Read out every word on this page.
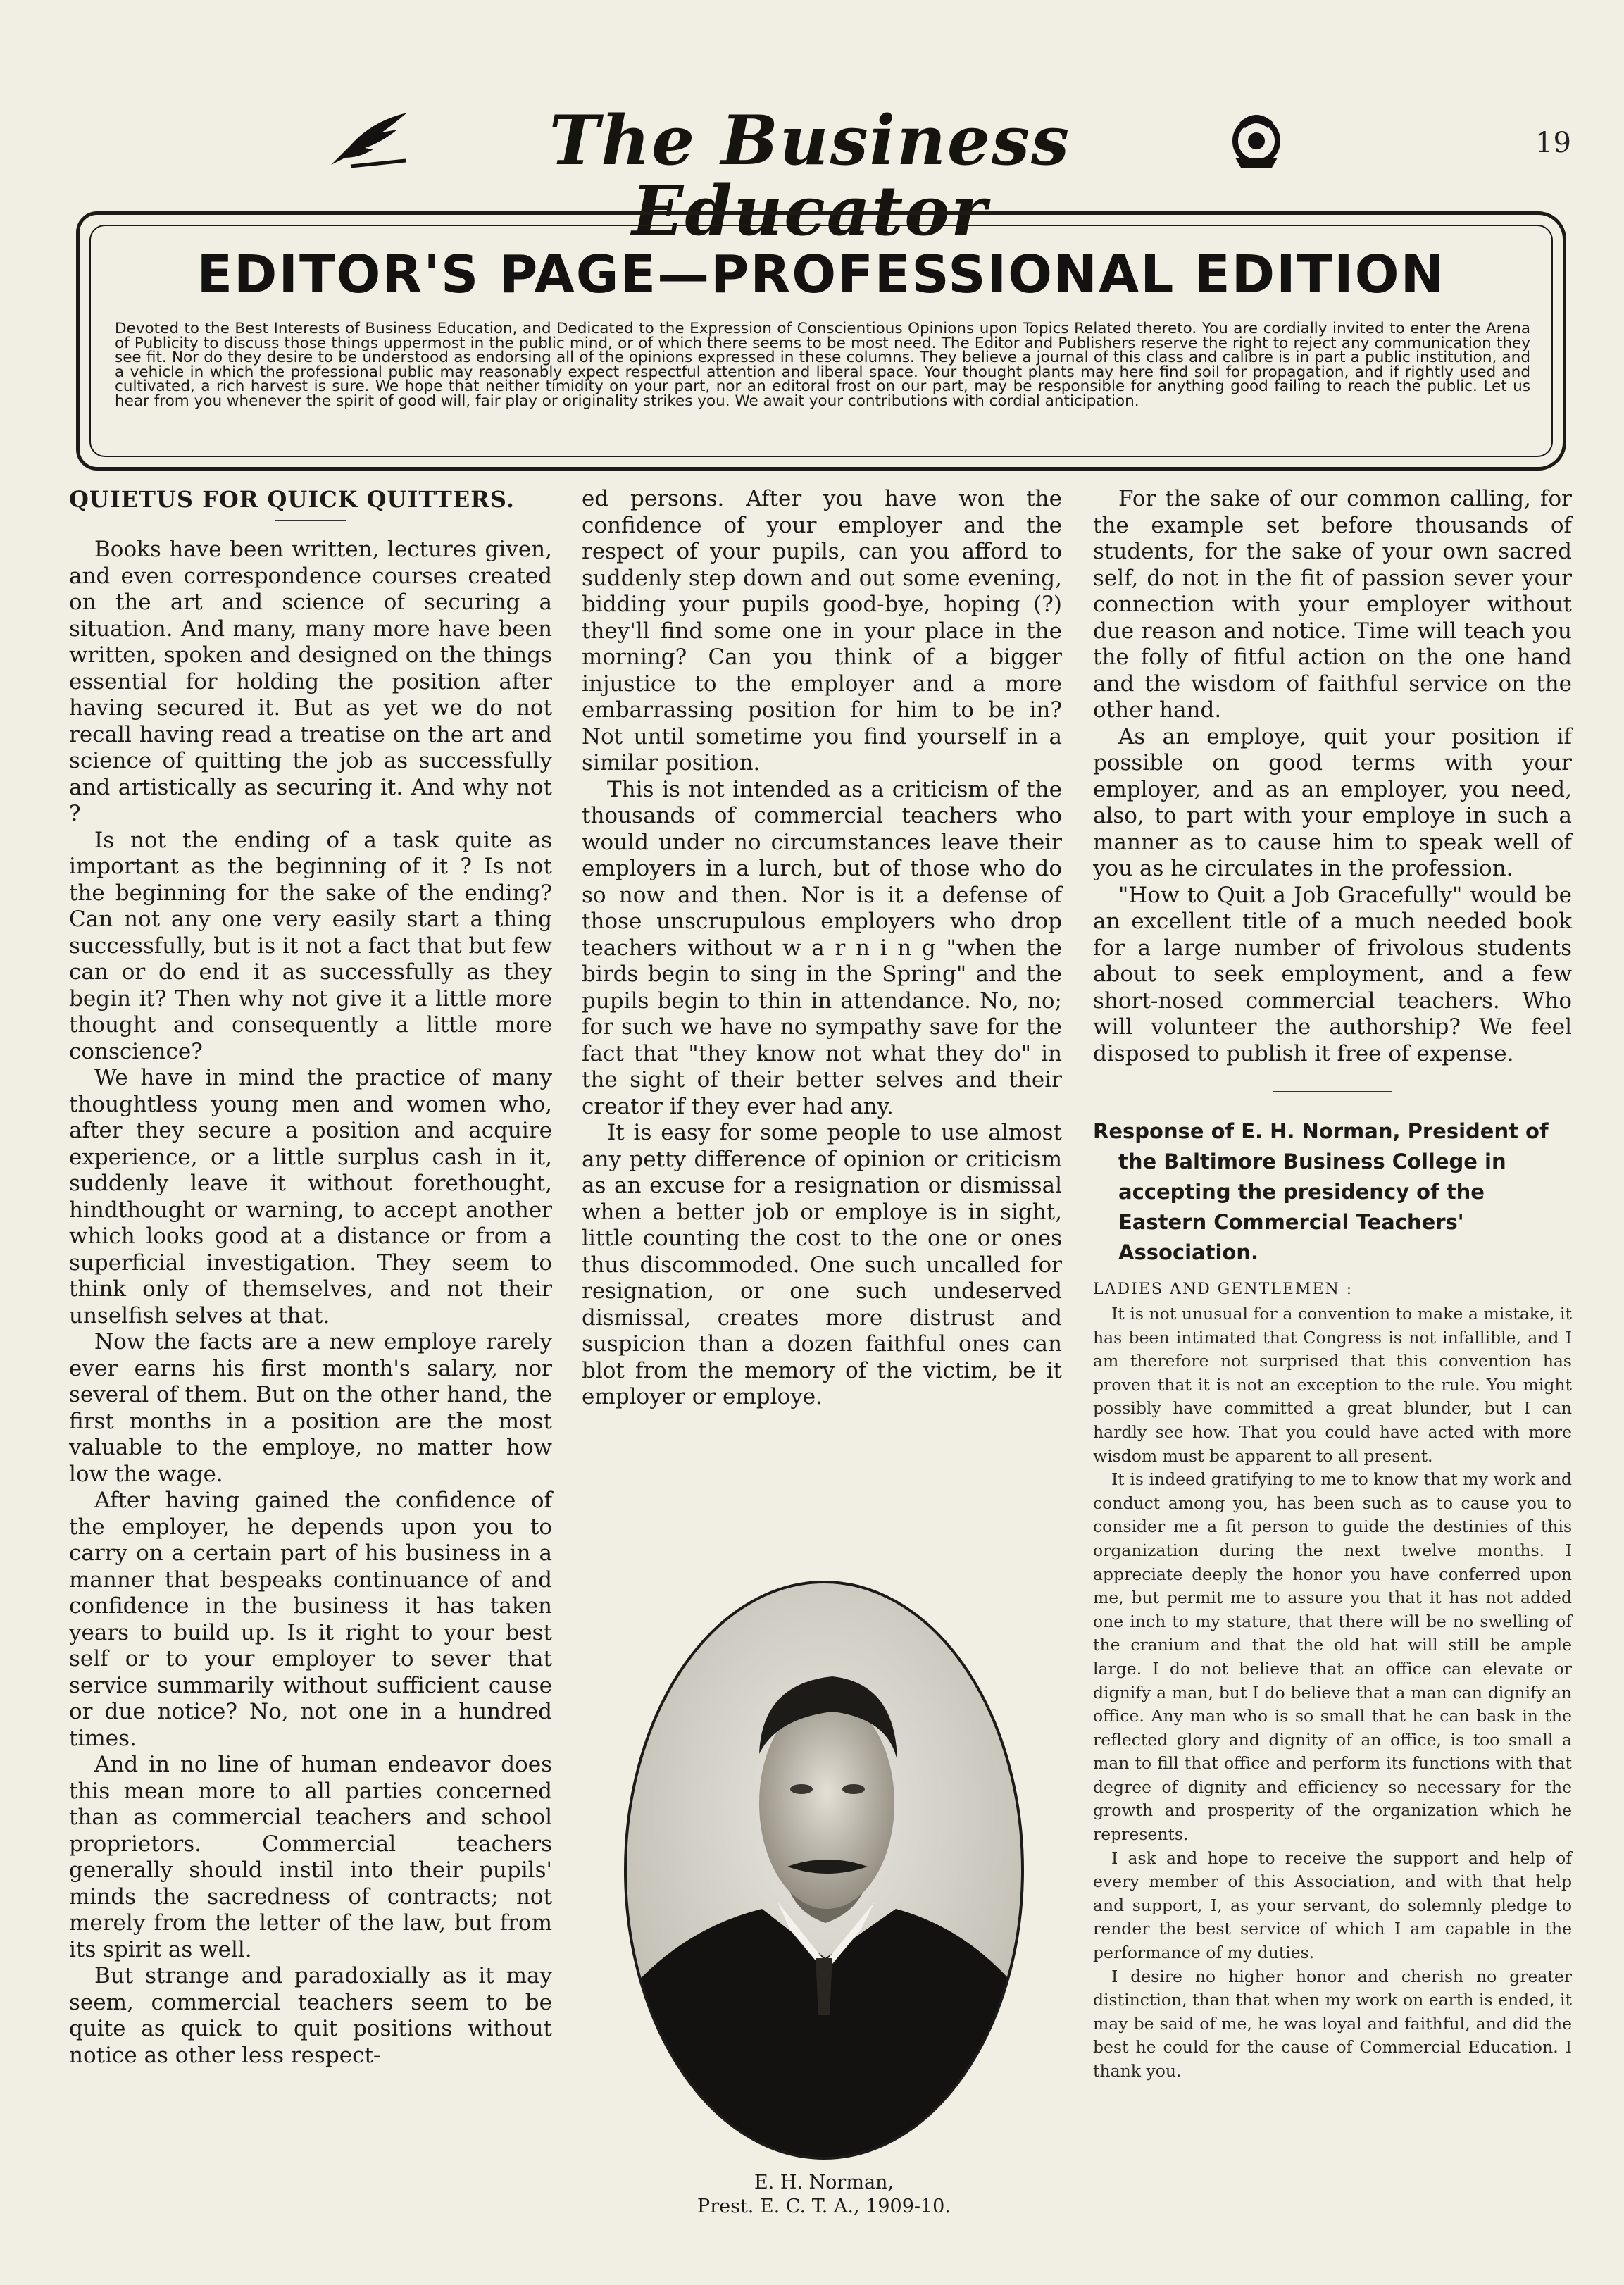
The Business Educator
19
EDITOR'S PAGE—PROFESSIONAL EDITION
Devoted to the Best Interests of Business Education, and Dedicated to the Expression of Conscientious Opinions upon Topics Related thereto. You are cordially invited to enter the Arena of Publicity to discuss those things uppermost in the public mind, or of which there seems to be most need. The Editor and Publishers reserve the right to reject any communication they see fit. Nor do they desire to be understood as endorsing all of the opinions expressed in these columns. They believe a journal of this class and calibre is in part a public institution, and a vehicle in which the professional public may reasonably expect respectful attention and liberal space. Your thought plants may here find soil for propagation, and if rightly used and cultivated, a rich harvest is sure. We hope that neither timidity on your part, nor an editoral frost on our part, may be responsible for anything good failing to reach the public. Let us hear from you whenever the spirit of good will, fair play or originality strikes you. We await your contributions with cordial anticipation.
QUIETUS FOR QUICK QUITTERS.

Books have been written, lectures given, and even correspondence courses created on the art and science of securing a situation. And many, many more have been written, spoken and designed on the things essential for holding the position after having secured it. But as yet we do not recall having read a treatise on the art and science of quitting the job as successfully and artistically as securing it. And why not ?

Is not the ending of a task quite as important as the beginning of it ? Is not the beginning for the sake of the ending? Can not any one very easily start a thing successfully, but is it not a fact that but few can or do end it as successfully as they begin it? Then why not give it a little more thought and consequently a little more conscience?

We have in mind the practice of many thoughtless young men and women who, after they secure a position and acquire experience, or a little surplus cash in it, suddenly leave it without forethought, hindthought or warning, to accept another which looks good at a distance or from a superficial investigation. They seem to think only of themselves, and not their unselfish selves at that.

Now the facts are a new employe rarely ever earns his first month's salary, nor several of them. But on the other hand, the first months in a position are the most valuable to the employe, no matter how low the wage.

After having gained the confidence of the employer, he depends upon you to carry on a certain part of his business in a manner that bespeaks continuance of and confidence in the business it has taken years to build up. Is it right to your best self or to your employer to sever that service summarily without sufficient cause or due notice? No, not one in a hundred times.

And in no line of human endeavor does this mean more to all parties concerned than as commercial teachers and school proprietors. Commercial teachers generally should instil into their pupils' minds the sacredness of contracts; not merely from the letter of the law, but from its spirit as well.

But strange and paradoxially as it may seem, commercial teachers seem to be quite as quick to quit positions without notice as other less respect-

ed persons. After you have won the confidence of your employer and the respect of your pupils, can you afford to suddenly step down and out some evening, bidding your pupils good-bye, hoping (?) they'll find some one in your place in the morning? Can you think of a bigger injustice to the employer and a more embarrassing position for him to be in? Not until sometime you find yourself in a similar position.

This is not intended as a criticism of the thousands of commercial teachers who would under no circumstances leave their employers in a lurch, but of those who do so now and then. Nor is it a defense of those unscrupulous employers who drop teachers without w a r n i n g "when the birds begin to sing in the Spring" and the pupils begin to thin in attendance. No, no; for such we have no sympathy save for the fact that "they know not what they do" in the sight of their better selves and their creator if they ever had any.

It is easy for some people to use almost any petty difference of opinion or criticism as an excuse for a resignation or dismissal when a better job or employe is in sight, little counting the cost to the one or ones thus discommoded. One such uncalled for resignation, or one such undeserved dismissal, creates more distrust and suspicion than a dozen faithful ones can blot from the memory of the victim, be it employer or employe.

E. H. Norman,
Prest. E. C. T. A., 1909-10.

For the sake of our common calling, for the example set before thousands of students, for the sake of your own sacred self, do not in the fit of passion sever your connection with your employer without due reason and notice. Time will teach you the folly of fitful action on the one hand and the wisdom of faithful service on the other hand.

As an employe, quit your position if possible on good terms with your employer, and as an employer, you need, also, to part with your employe in such a manner as to cause him to speak well of you as he circulates in the profession.

"How to Quit a Job Gracefully" would be an excellent title of a much needed book for a large number of frivolous students about to seek employment, and a few short-nosed commercial teachers. Who will volunteer the authorship? We feel disposed to publish it free of expense.

Response of E. H. Norman, President of the Baltimore Business College in accepting the presidency of the Eastern Commercial Teachers' Association.
LADIES AND GENTLEMEN :

It is not unusual for a convention to make a mistake, it has been intimated that Congress is not infallible, and I am therefore not surprised that this convention has proven that it is not an exception to the rule. You might possibly have committed a great blunder, but I can hardly see how. That you could have acted with more wisdom must be apparent to all present.

It is indeed gratifying to me to know that my work and conduct among you, has been such as to cause you to consider me a fit person to guide the destinies of this organization during the next twelve months. I appreciate deeply the honor you have conferred upon me, but permit me to assure you that it has not added one inch to my stature, that there will be no swelling of the cranium and that the old hat will still be ample large. I do not believe that an office can elevate or dignify a man, but I do believe that a man can dignify an office. Any man who is so small that he can bask in the reflected glory and dignity of an office, is too small a man to fill that office and perform its functions with that degree of dignity and efficiency so necessary for the growth and prosperity of the organization which he represents.

I ask and hope to receive the support and help of every member of this Association, and with that help and support, I, as your servant, do solemnly pledge to render the best service of which I am capable in the performance of my duties.

I desire no higher honor and cherish no greater distinction, than that when my work on earth is ended, it may be said of me, he was loyal and faithful, and did the best he could for the cause of Commercial Education. I thank you.
